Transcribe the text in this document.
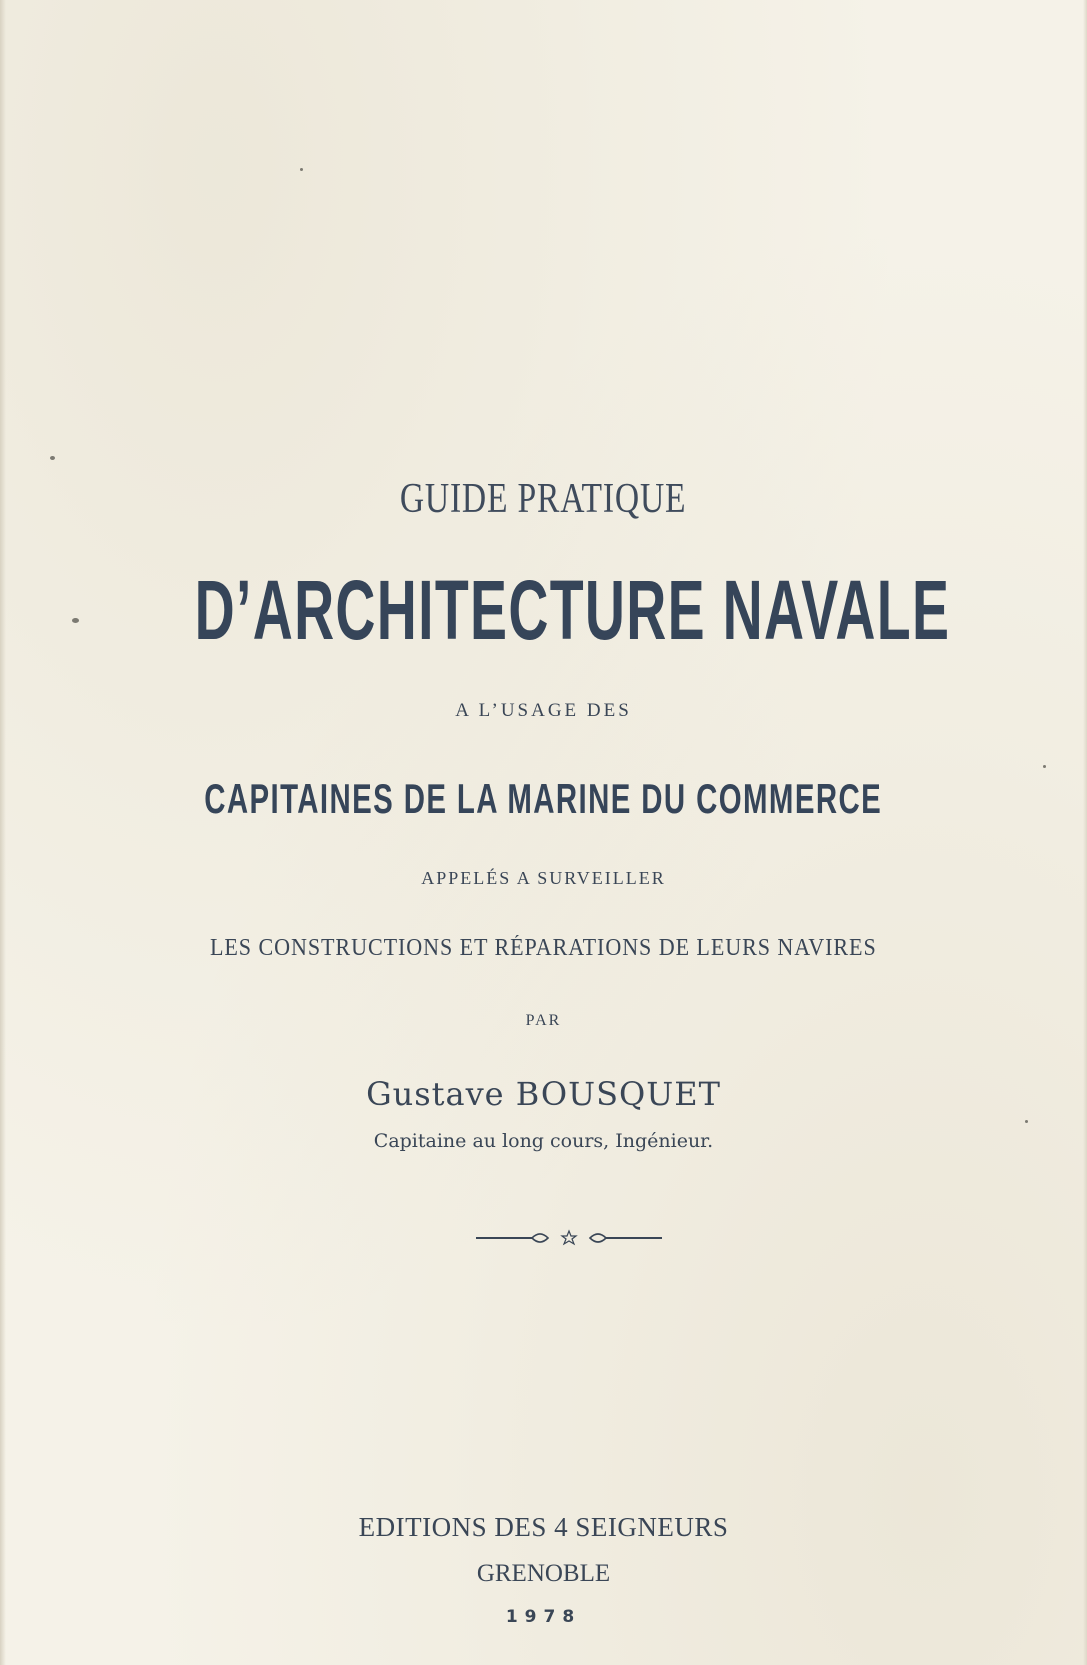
GUIDE PRATIQUE
D’ARCHITECTURE NAVALE
A L’USAGE DES
CAPITAINES DE LA MARINE DU COMMERCE
APPELÉS A SURVEILLER
LES CONSTRUCTIONS ET RÉPARATIONS DE LEURS NAVIRES
PAR
Gustave BOUSQUET
Capitaine au long cours, Ingénieur.
EDITIONS DES 4 SEIGNEURS
GRENOBLE
1978
